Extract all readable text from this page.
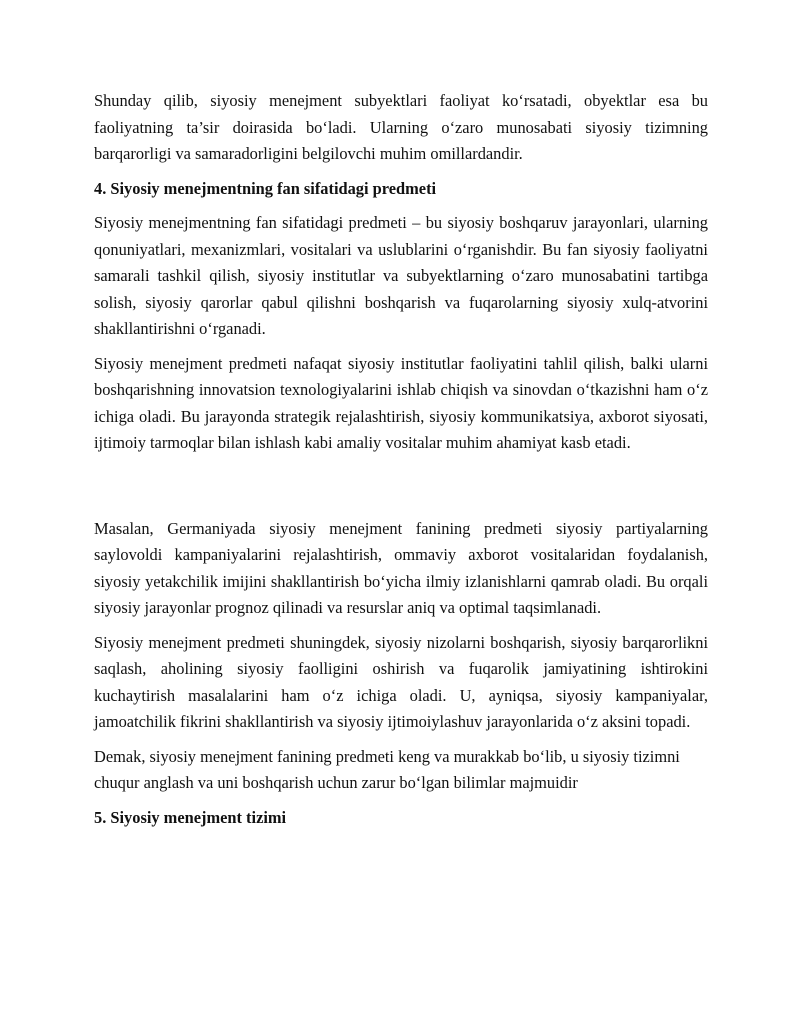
Shunday qilib, siyosiy menejment subyektlari faoliyat ko‘rsatadi, obyektlar esa bu faoliyatning ta’sir doirasida bo‘ladi. Ularning o‘zaro munosabati siyosiy tizimning barqarorligi va samaradorligini belgilovchi muhim omillardandir.

4. Siyosiy menejmentning fan sifatidagi predmeti

Siyosiy menejmentning fan sifatidagi predmeti – bu siyosiy boshqaruv jarayonlari, ularning qonuniyatlari, mexanizmlari, vositalari va uslublarini o‘rganishdir. Bu fan siyosiy faoliyatni samarali tashkil qilish, siyosiy institutlar va subyektlarning o‘zaro munosabatini tartibga solish, siyosiy qarorlar qabul qilishni boshqarish va fuqarolarning siyosiy xulq-atvorini shakllantirishni o‘rganadi.

Siyosiy menejment predmeti nafaqat siyosiy institutlar faoliyatini tahlil qilish, balki ularni boshqarishning innovatsion texnologiyalarini ishlab chiqish va sinovdan o‘tkazishni ham o‘z ichiga oladi. Bu jarayonda strategik rejalashtirish, siyosiy kommunikatsiya, axborot siyosati, ijtimoiy tarmoqlar bilan ishlash kabi amaliy vositalar muhim ahamiyat kasb etadi.

Masalan, Germaniyada siyosiy menejment fanining predmeti siyosiy partiyalarning saylovoldi kampaniyalarini rejalashtirish, ommaviy axborot vositalaridan foydalanish, siyosiy yetakchilik imijini shakllantirish bo‘yicha ilmiy izlanishlarni qamrab oladi. Bu orqali siyosiy jarayonlar prognoz qilinadi va resurslar aniq va optimal taqsimlanadi.

Siyosiy menejment predmeti shuningdek, siyosiy nizolarni boshqarish, siyosiy barqarorlikni saqlash, aholining siyosiy faolligini oshirish va fuqarolik jamiyatining ishtirokini kuchaytirish masalalarini ham o‘z ichiga oladi. U, ayniqsa, siyosiy kampaniyalar, jamoatchilik fikrini shakllantirish va siyosiy ijtimoiylashuv jarayonlarida o‘z aksini topadi.

Demak, siyosiy menejment fanining predmeti keng va murakkab bo‘lib, u siyosiy tizimni chuqur anglash va uni boshqarish uchun zarur bo‘lgan bilimlar majmuidir

5. Siyosiy menejment tizimi
